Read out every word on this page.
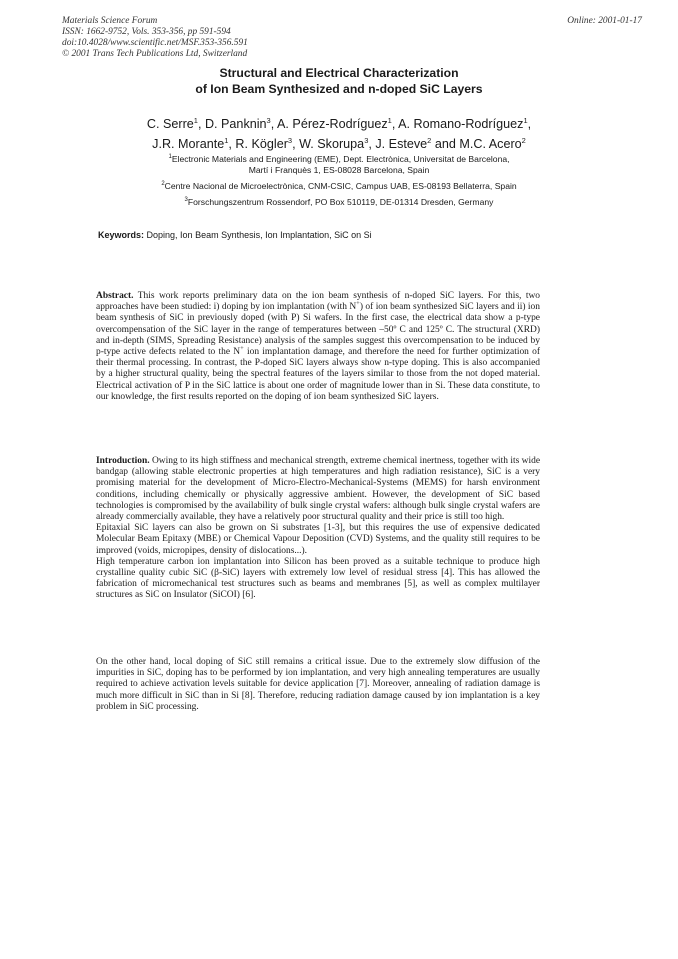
Materials Science Forum
ISSN: 1662-9752, Vols. 353-356, pp 591-594
doi:10.4028/www.scientific.net/MSF.353-356.591
© 2001 Trans Tech Publications Ltd, Switzerland
Online: 2001-01-17
Structural and Electrical Characterization
of Ion Beam Synthesized and n-doped SiC Layers
C. Serre$^1$, D. Panknin$^3$, A. Pérez-Rodríguez$^1$, A. Romano-Rodríguez$^1$,
J.R. Morante$^1$, R. Kögler$^3$, W. Skorupa$^3$, J. Esteve$^2$ and M.C. Acero$^2$
$^1$Electronic Materials and Engineering (EME), Dept. Electrònica, Universitat de Barcelona,
Martí i Franquès 1, ES-08028 Barcelona, Spain
$^2$Centre Nacional de Microelectrònica, CNM-CSIC, Campus UAB, ES-08193 Bellaterra, Spain
$^3$Forschungszentrum Rossendorf, PO Box 510119, DE-01314 Dresden, Germany
Keywords: Doping, Ion Beam Synthesis, Ion Implantation, SiC on Si
Abstract. This work reports preliminary data on the ion beam synthesis of n-doped SiC layers. For this, two approaches have been studied: i) doping by ion implantation (with N+) of ion beam synthesized SiC layers and ii) ion beam synthesis of SiC in previously doped (with P) Si wafers. In the first case, the electrical data show a p-type overcompensation of the SiC layer in the range of temperatures between –50º C and 125º C. The structural (XRD) and in-depth (SIMS, Spreading Resistance) analysis of the samples suggest this overcompensation to be induced by p-type active defects related to the N+ ion implantation damage, and therefore the need for further optimization of their thermal processing. In contrast, the P-doped SiC layers always show n-type doping. This is also accompanied by a higher structural quality, being the spectral features of the layers similar to those from the not doped material. Electrical activation of P in the SiC lattice is about one order of magnitude lower than in Si. These data constitute, to our knowledge, the first results reported on the doping of ion beam synthesized SiC layers.
Introduction. Owing to its high stiffness and mechanical strength, extreme chemical inertness, together with its wide bandgap (allowing stable electronic properties at high temperatures and high radiation resistance), SiC is a very promising material for the development of Micro-Electro-Mechanical-Systems (MEMS) for harsh environment conditions, including chemically or physically aggressive ambient. However, the development of SiC based technologies is compromised by the availability of bulk single crystal wafers: although bulk single crystal wafers are already commercially available, they have a relatively poor structural quality and their price is still too high.
Epitaxial SiC layers can also be grown on Si substrates [1-3], but this requires the use of expensive dedicated Molecular Beam Epitaxy (MBE) or Chemical Vapour Deposition (CVD) Systems, and the quality still requires to be improved (voids, micropipes, density of dislocations...).
High temperature carbon ion implantation into Silicon has been proved as a suitable technique to produce high crystalline quality cubic SiC (β-SiC) layers with extremely low level of residual stress [4]. This has allowed the fabrication of micromechanical test structures such as beams and membranes [5], as well as complex multilayer structures as SiC on Insulator (SiCOI) [6].
On the other hand, local doping of SiC still remains a critical issue. Due to the extremely slow diffusion of the impurities in SiC, doping has to be performed by ion implantation, and very high annealing temperatures are usually required to achieve activation levels suitable for device application [7]. Moreover, annealing of radiation damage is much more difficult in SiC than in Si [8]. Therefore, reducing radiation damage caused by ion implantation is a key problem in SiC processing.
